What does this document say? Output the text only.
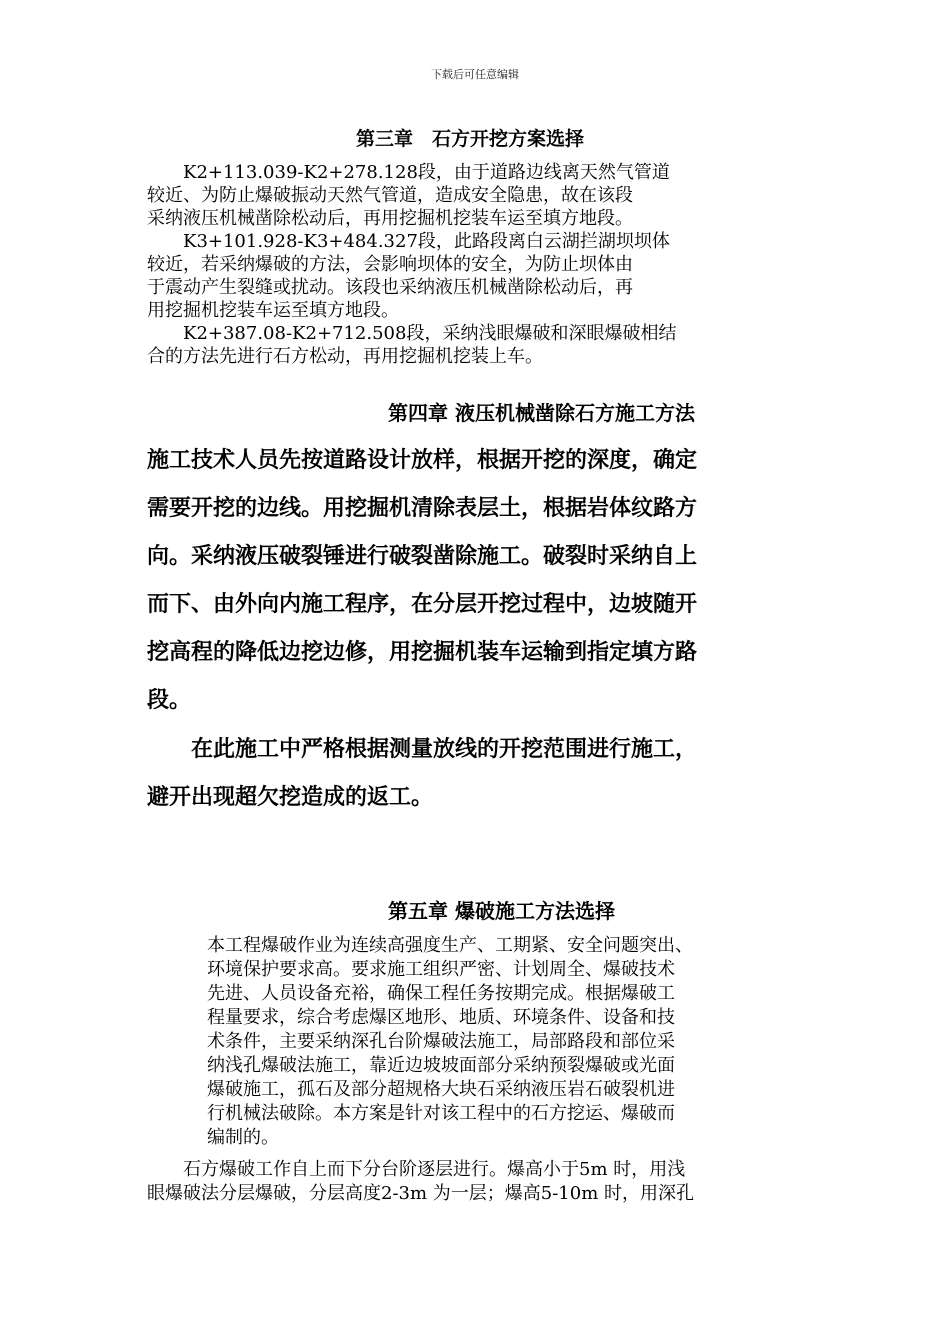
下载后可任意编辑
第三章　石方开挖方案选择
　　K2+113.039-K2+278.128段，由于道路边线离天然气管道
较近、为防止爆破振动天然气管道，造成安全隐患，故在该段
采纳液压机械凿除松动后，再用挖掘机挖装车运至填方地段。
　　K3+101.928-K3+484.327段，此路段离白云湖拦湖坝坝体
较近，若采纳爆破的方法，会影响坝体的安全，为防止坝体由
于震动产生裂缝或扰动。该段也采纳液压机械凿除松动后，再
用挖掘机挖装车运至填方地段。
　　K2+387.08-K2+712.508段，采纳浅眼爆破和深眼爆破相结
合的方法先进行石方松动，再用挖掘机挖装上车。
第四章 液压机械凿除石方施工方法
施工技术人员先按道路设计放样，根据开挖的深度，确定
需要开挖的边线。用挖掘机清除表层土，根据岩体纹路方
向。采纳液压破裂锤进行破裂凿除施工。破裂时采纳自上
而下、由外向内施工程序，在分层开挖过程中，边坡随开
挖高程的降低边挖边修，用挖掘机装车运输到指定填方路
段。
　　在此施工中严格根据测量放线的开挖范围进行施工，
避开出现超欠挖造成的返工。
第五章 爆破施工方法选择
本工程爆破作业为连续高强度生产、工期紧、安全问题突出、
环境保护要求高。要求施工组织严密、计划周全、爆破技术
先进、人员设备充裕，确保工程任务按期完成。根据爆破工
程量要求，综合考虑爆区地形、地质、环境条件、设备和技
术条件，主要采纳深孔台阶爆破法施工，局部路段和部位采
纳浅孔爆破法施工，靠近边坡坡面部分采纳预裂爆破或光面
爆破施工，孤石及部分超规格大块石采纳液压岩石破裂机进
行机械法破除。本方案是针对该工程中的石方挖运、爆破而
编制的。
　　石方爆破工作自上而下分台阶逐层进行。爆高小于5m 时，用浅
眼爆破法分层爆破，分层高度2-3m 为一层；爆高5-10m 时，用深孔
